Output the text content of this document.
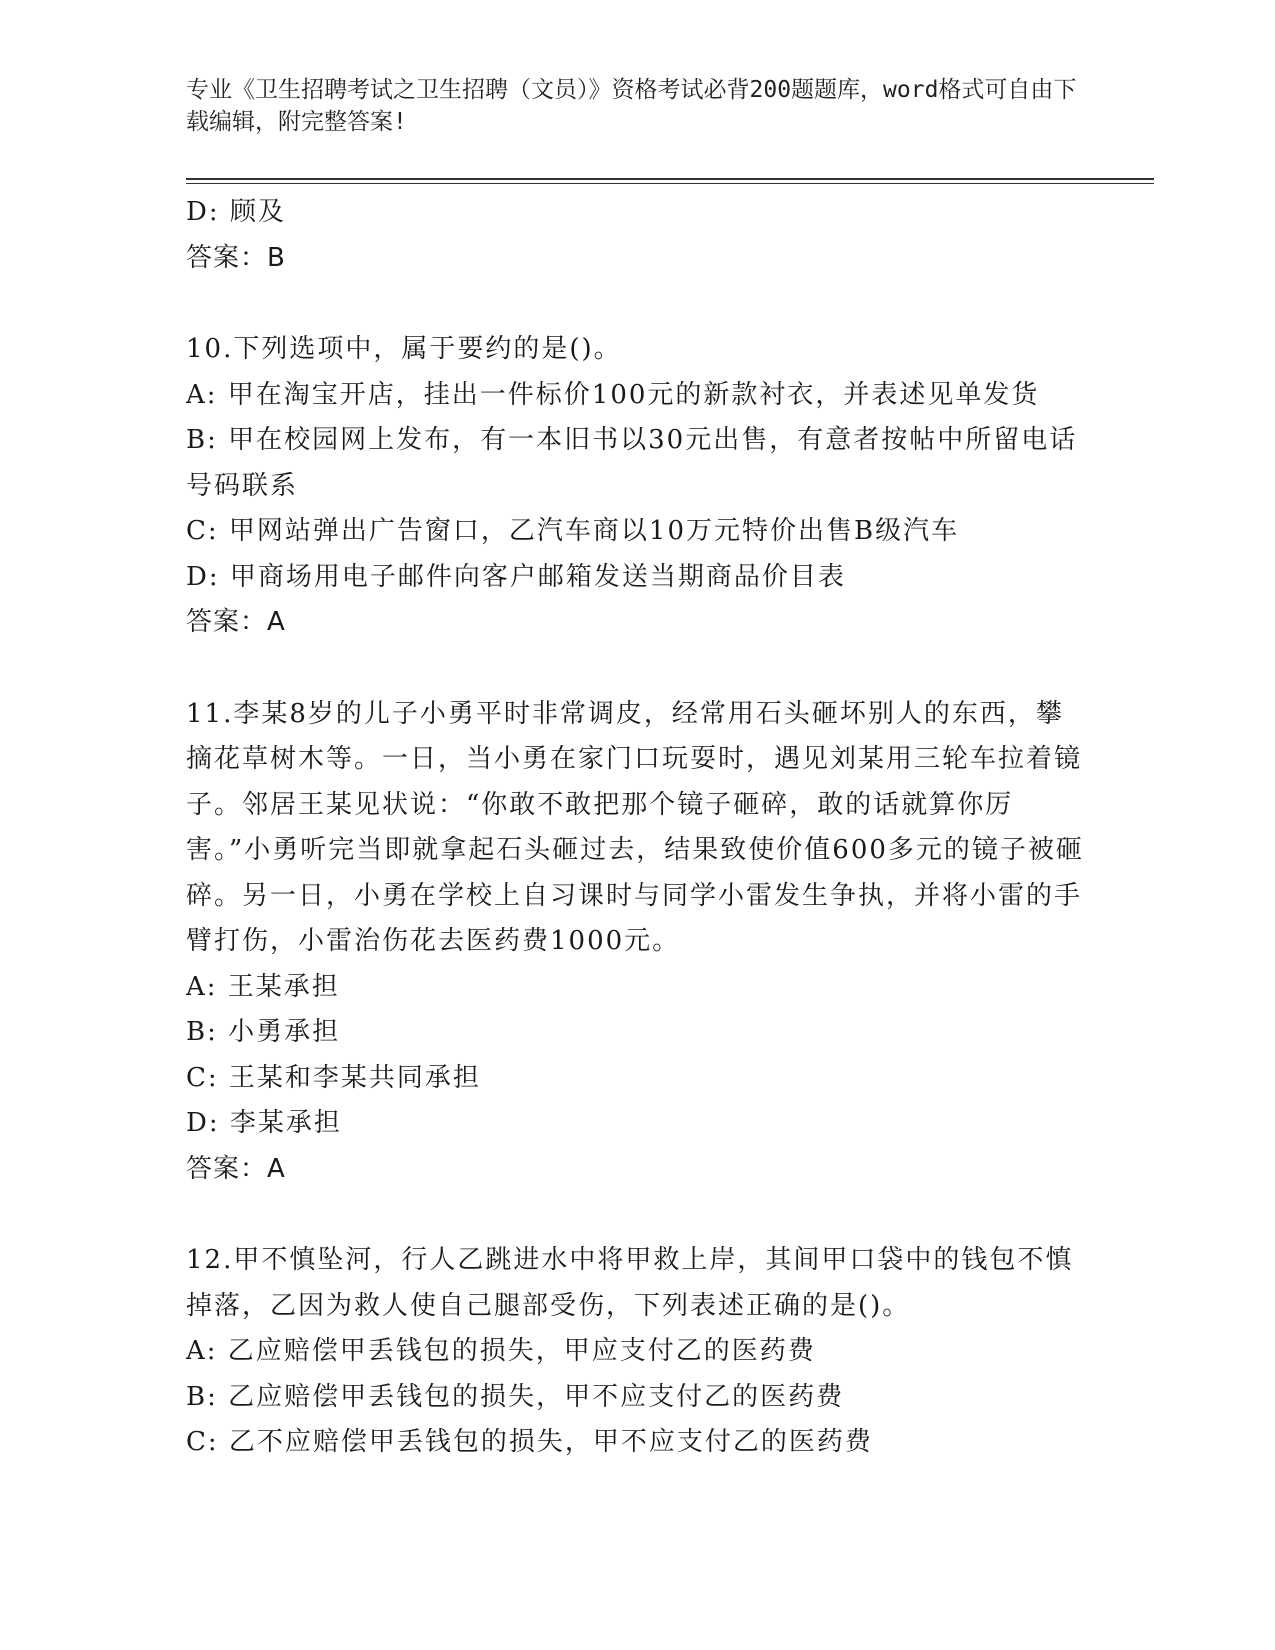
专业《卫生招聘考试之卫生招聘（文员）》资格考试必背200题题库，word格式可自由下载编辑，附完整答案!
D: 顾及
答案：B
10.下列选项中，属于要约的是()。
A: 甲在淘宝开店，挂出一件标价100元的新款衬衣，并表述见单发货
B: 甲在校园网上发布，有一本旧书以30元出售，有意者按帖中所留电话号码联系
C: 甲网站弹出广告窗口，乙汽车商以10万元特价出售B级汽车
D: 甲商场用电子邮件向客户邮箱发送当期商品价目表
答案：A
11.李某8岁的儿子小勇平时非常调皮，经常用石头砸坏别人的东西，攀摘花草树木等。一日，当小勇在家门口玩耍时，遇见刘某用三轮车拉着镜子。邻居王某见状说：“你敢不敢把那个镜子砸碎，敢的话就算你厉害。”小勇听完当即就拿起石头砸过去，结果致使价值600多元的镜子被砸碎。另一日，小勇在学校上自习课时与同学小雷发生争执，并将小雷的手臂打伤，小雷治伤花去医药费1000元。
A: 王某承担
B: 小勇承担
C: 王某和李某共同承担
D: 李某承担
答案：A
12.甲不慎坠河，行人乙跳进水中将甲救上岸，其间甲口袋中的钱包不慎掉落，乙因为救人使自己腿部受伤，下列表述正确的是()。
A: 乙应赔偿甲丢钱包的损失，甲应支付乙的医药费
B: 乙应赔偿甲丢钱包的损失，甲不应支付乙的医药费
C: 乙不应赔偿甲丢钱包的损失，甲不应支付乙的医药费
